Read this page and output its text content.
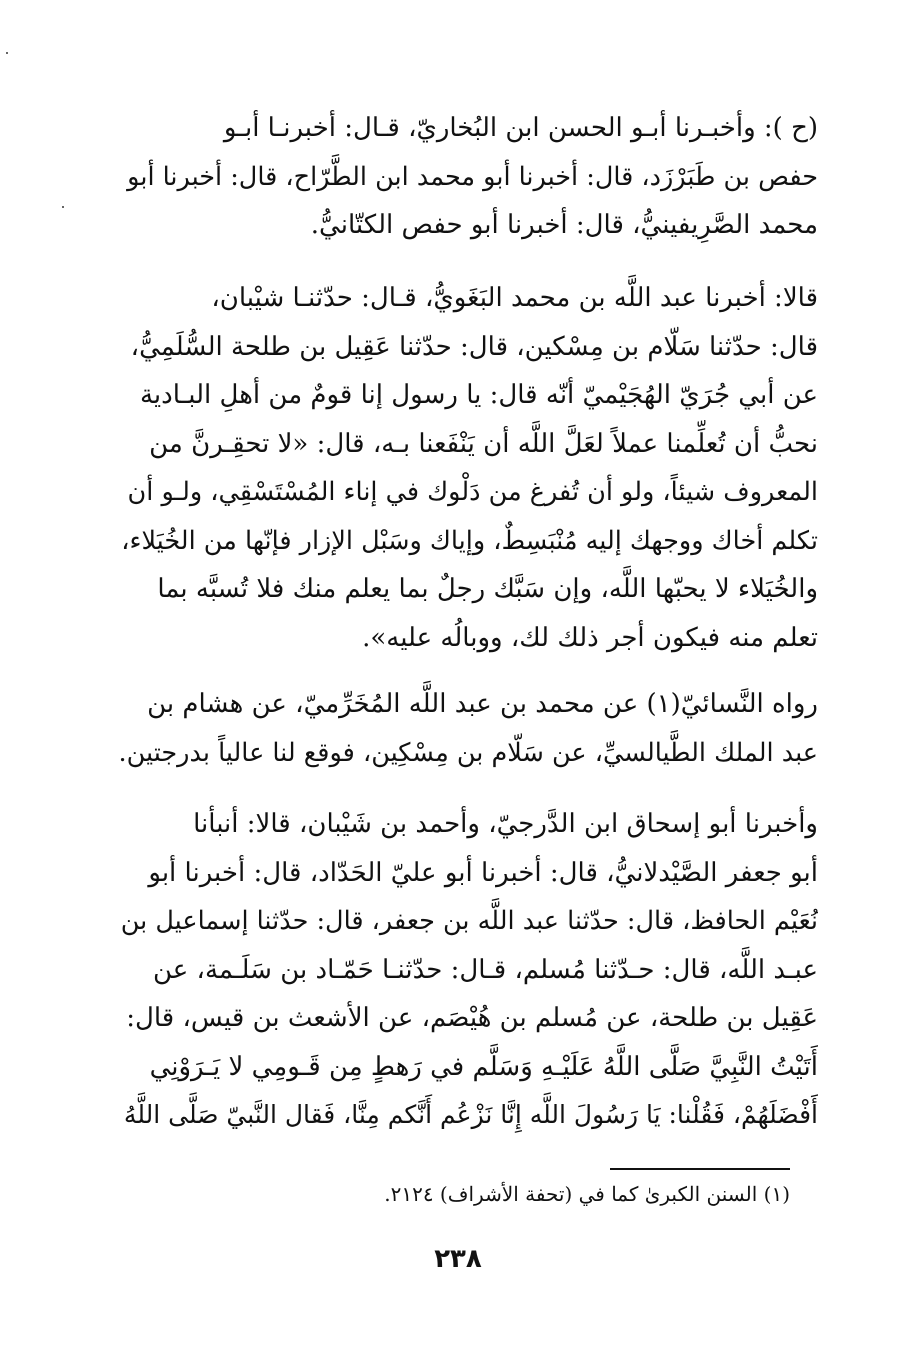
(ح ): وأخبـرنا أبـو الحسن ابن البُخاريّ، قـال: أخبرنـا أبـو
حفص بن طَبَرْزَد، قال: أخبرنا أبو محمد ابن الطَّرّاح، قال: أخبرنا أبو
محمد الصَّرِيفينيُّ، قال: أخبرنا أبو حفص الكتّانيُّ.
قالا: أخبرنا عبد اللَّه بن محمد البَغَويُّ، قـال: حدّثنـا شيْبان،
قال: حدّثنا سَلّام بن مِسْكين، قال: حدّثنا عَقِيل بن طلحة السُّلَمِيُّ،
عن أبي جُرَيّ الهُجَيْميّ أنّه قال: يا رسول إنا قومٌ من أهلِ البـادية
نحبُّ أن تُعلِّمنا عملاً لعَلَّ اللَّه أن يَنْفَعنا بـه، قال: «لا تحقِـرنَّ من
المعروف شيئاً، ولو أن تُفرغ من دَلْوك في إناء المُسْتَسْقِي، ولـو أن
تكلم أخاك ووجهك إليه مُنْبَسِطٌ، وإياك وسَبْل الإزار فإنّها من الخُيَلاء،
والخُيَلاء لا يحبّها اللَّه، وإن سَبَّك رجلٌ بما يعلم منك فلا تُسبَّه بما
تعلم منه فيكون أجر ذلك لك، ووبالُه عليه».
رواه النَّسائيّ(١) عن محمد بن عبد اللَّه المُخَرِّميّ، عن هشام بن
عبد الملك الطَّيالسيِّ، عن سَلّام بن مِسْكِين، فوقع لنا عالياً بدرجتين.
وأخبرنا أبو إسحاق ابن الدَّرجيّ، وأحمد بن شَيْبان، قالا: أنبأنا
أبو جعفر الصَّيْدلانيُّ، قال: أخبرنا أبو عليّ الحَدّاد، قال: أخبرنا أبو
نُعَيْم الحافظ، قال: حدّثنا عبد اللَّه بن جعفر، قال: حدّثنا إسماعيل بن
عبـد اللَّه، قال: حـدّثنا مُسلم، قـال: حدّثنـا حَمّـاد بن سَلَـمة، عن
عَقِيل بن طلحة، عن مُسلم بن هُيْصَم، عن الأشعث بن قيس، قال:
أَتَيْتُ النَّبِيَّ صَلَّى اللَّهُ عَلَيْـهِ وَسَلَّم في رَهطٍ مِن قَـومِي لا يَـرَوْنِي
أَفْضَلَهُمْ، فَقُلْنا: يَا رَسُولَ اللَّه إِنَّا نَزْعُم أَنَّكم مِنَّا، فَقال النَّبيّ صَلَّى اللَّهُ
(١) السنن الكبرىٰ كما في (تحفة الأشراف) ٢١٢٤.
٢٣٨
